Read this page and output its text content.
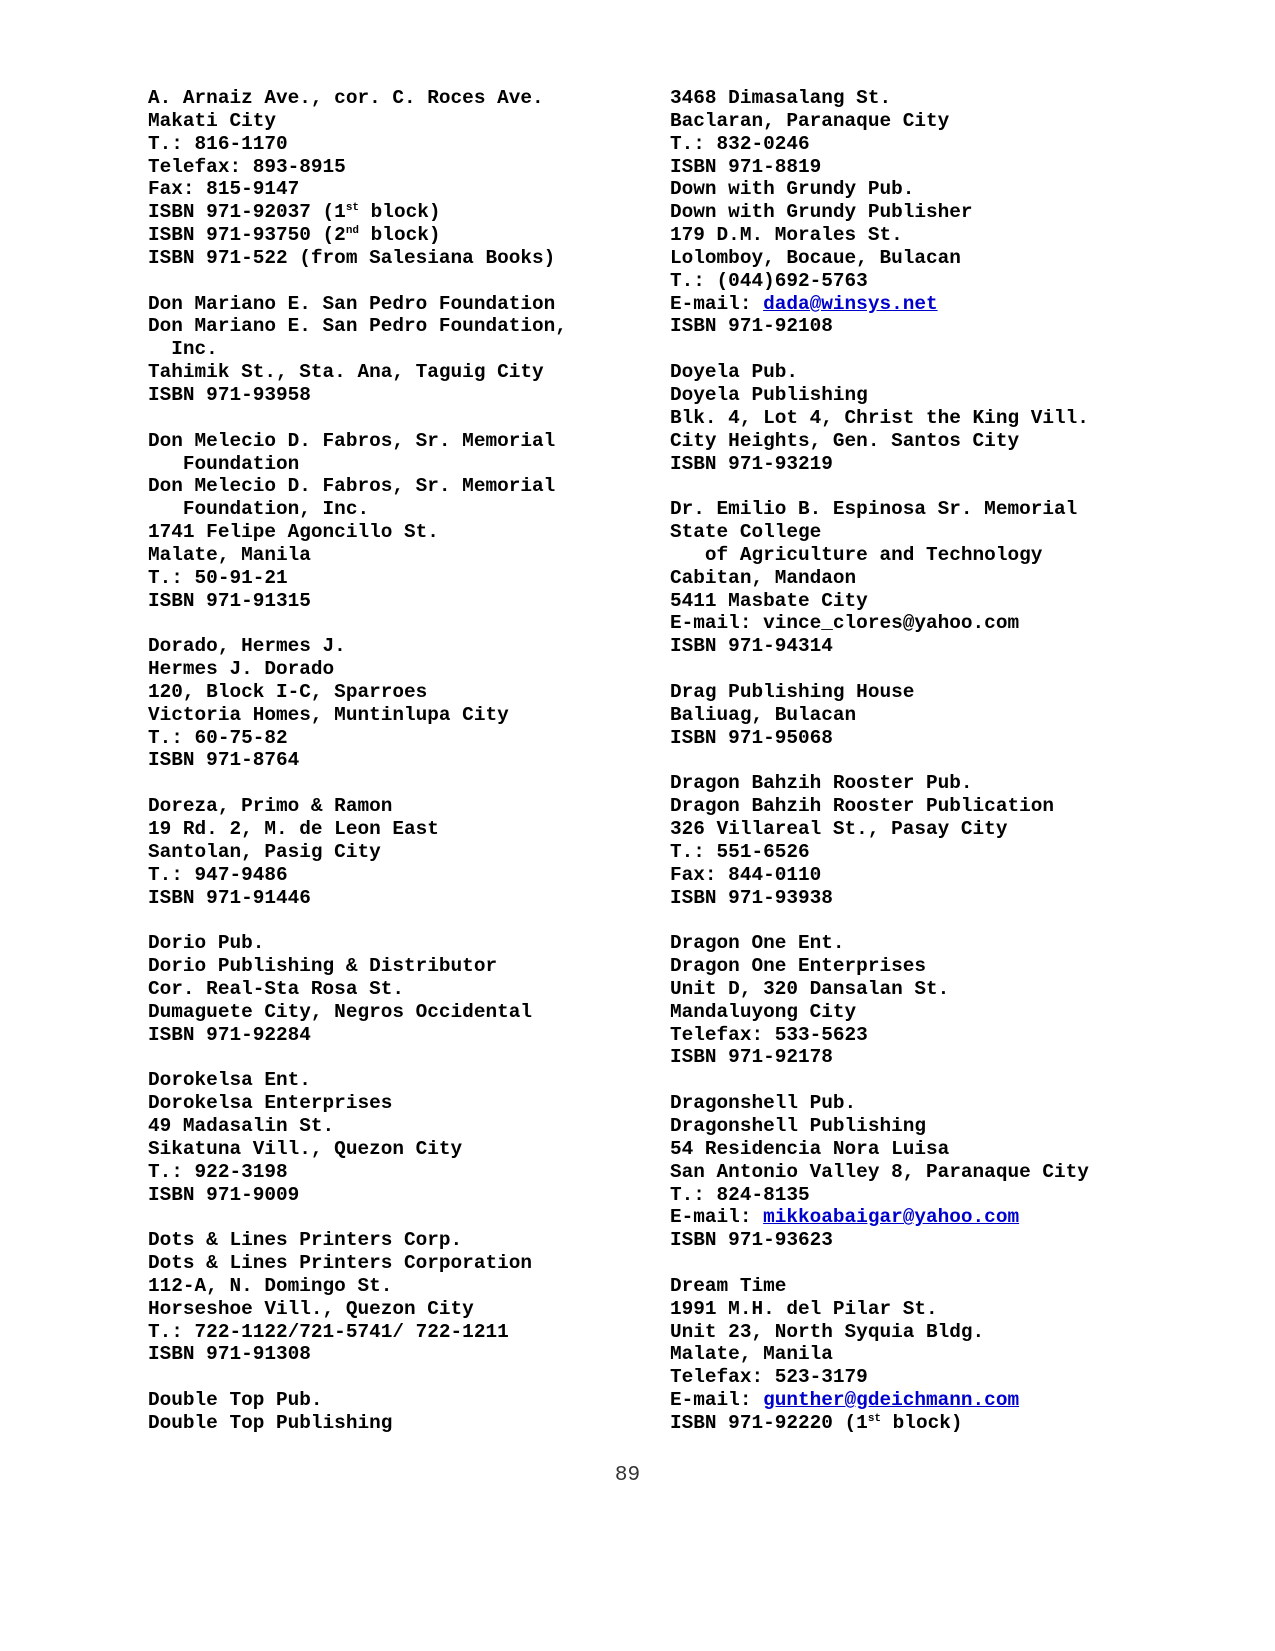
A. Arnaiz Ave., cor. C. Roces Ave.
Makati City
T.: 816-1170
Telefax: 893-8915
Fax: 815-9147
ISBN 971-92037 (1st block)
ISBN 971-93750 (2nd block)
ISBN 971-522 (from Salesiana Books)
Don Mariano E. San Pedro Foundation
Don Mariano E. San Pedro Foundation,
Inc.
Tahimik St., Sta. Ana, Taguig City
ISBN 971-93958
Don Melecio D. Fabros, Sr. Memorial
Foundation
Don Melecio D. Fabros, Sr. Memorial
Foundation, Inc.
1741 Felipe Agoncillo St.
Malate, Manila
T.: 50-91-21
ISBN 971-91315
Dorado, Hermes J.
Hermes J. Dorado
120, Block I-C, Sparroes
Victoria Homes, Muntinlupa City
T.: 60-75-82
ISBN 971-8764
Doreza, Primo & Ramon
19 Rd. 2, M. de Leon East
Santolan, Pasig City
T.: 947-9486
ISBN 971-91446
Dorio Pub.
Dorio Publishing & Distributor
Cor. Real-Sta Rosa St.
Dumaguete City, Negros Occidental
ISBN 971-92284
Dorokelsa Ent.
Dorokelsa Enterprises
49 Madasalin St.
Sikatuna Vill., Quezon City
T.: 922-3198
ISBN 971-9009
Dots & Lines Printers Corp.
Dots & Lines Printers Corporation
112-A, N. Domingo St.
Horseshoe Vill., Quezon City
T.: 722-1122/721-5741/ 722-1211
ISBN 971-91308
Double Top Pub.
Double Top Publishing
3468 Dimasalang St.
Baclaran, Paranaque City
T.: 832-0246
ISBN 971-8819
Down with Grundy Pub.
Down with Grundy Publisher
179 D.M. Morales St.
Lolomboy, Bocaue, Bulacan
T.: (044)692-5763
E-mail: dada@winsys.net
ISBN 971-92108
Doyela Pub.
Doyela Publishing
Blk. 4, Lot 4, Christ the King Vill.
City Heights, Gen. Santos City
ISBN 971-93219
Dr. Emilio B. Espinosa Sr. Memorial
State College
of Agriculture and Technology
Cabitan, Mandaon
5411 Masbate City
E-mail: vince_clores@yahoo.com
ISBN 971-94314
Drag Publishing House
Baliuag, Bulacan
ISBN 971-95068
Dragon Bahzih Rooster Pub.
Dragon Bahzih Rooster Publication
326 Villareal St., Pasay City
T.: 551-6526
Fax: 844-0110
ISBN 971-93938
Dragon One Ent.
Dragon One Enterprises
Unit D, 320 Dansalan St.
Mandaluyong City
Telefax: 533-5623
ISBN 971-92178
Dragonshell Pub.
Dragonshell Publishing
54 Residencia Nora Luisa
San Antonio Valley 8, Paranaque City
T.: 824-8135
E-mail: mikkoabaigar@yahoo.com
ISBN 971-93623
Dream Time
1991 M.H. del Pilar St.
Unit 23, North Syquia Bldg.
Malate, Manila
Telefax: 523-3179
E-mail: gunther@gdeichmann.com
ISBN 971-92220 (1st block)
89
